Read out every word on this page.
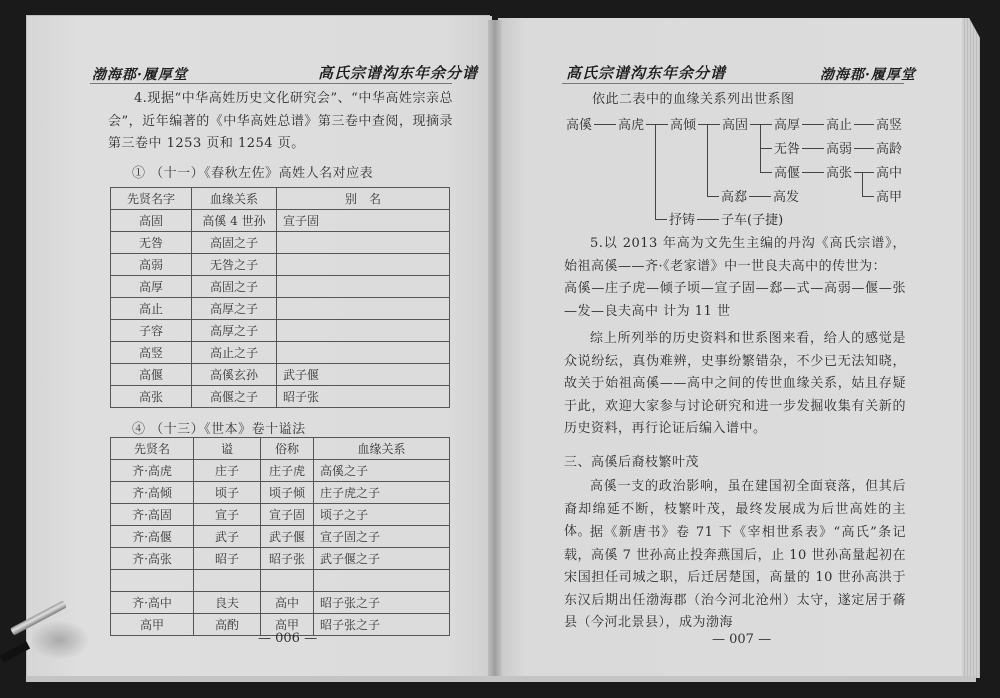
渤海郡·履厚堂	高氏宗谱沟东年余分谱
4.现据“中华高姓历史文化研究会”、“中华高姓宗亲总会”，近年编著的《中华高姓总谱》第三卷中查阅，现摘录第三卷中 1253 页和 1254 页。
① （十一）《春秋左佐》高姓人名对应表
先贤名字	血缘关系	别　名
高固	高傒 4 世孙	宣子固
无咎	高固之子	
高弱	无咎之子	
高厚	高固之子	
高止	高厚之子	
子容	高厚之子	
高竖	高止之子	
高偃	高傒玄孙	武子偃
高张	高偃之子	昭子张
④ （十三）《世本》卷十谥法
先贤名	谥	俗称	血缘关系
齐·高虎	庄子	庄子虎	高傒之子
齐·高倾	顷子	顷子倾	庄子虎之子
齐·高固	宣子	宣子固	顷子之子
齐·高偃	武子	武子偃	宣子固之子
齐·高张	昭子	昭子张	武子偃之子

齐·高中	良夫	高中	昭子张之子
高甲	高酌	高甲	昭子张之子
— 006 —
高氏宗谱沟东年余分谱	渤海郡·履厚堂
依此二表中的血缘关系列出世系图
高傒 高虎 高倾 高固 高厚 高止 高竖
无咎 高弱 高龄
高偃 高张 高中
高甲
高郄 高发
抒铸 子车(子捷)
5.以 2013 年高为文先生主编的丹沟《高氏宗谱》，始祖高傒——齐·《老家谱》中一世良夫高中的传世为：
高傒—庄子虎—倾子顷—宣子固—郄—式—高弱—偃—张—发—良夫高中 计为 11 世
综上所列举的历史资料和世系图来看，给人的感觉是众说纷纭，真伪难辨，史事纷繁错杂，不少已无法知晓，故关于始祖高傒——高中之间的传世血缘关系，姑且存疑于此，欢迎大家参与讨论研究和进一步发掘收集有关新的历史资料，再行论证后编入谱中。
三、高傒后裔枝繁叶茂
高傒一支的政治影响，虽在建国初全面衰落，但其后裔却绵延不断，枝繁叶茂，最终发展成为后世高姓的主体。
据《新唐书》卷 71 下《宰相世系表》“高氏”条记载，高傒 7 世孙高止投奔燕国后，止 10 世孙高量起初在宋国担任司城之职，后迁居楚国，高量的 10 世孙高洪于东汉后期出任渤海郡（治今河北沧州）太守，遂定居于蓨县（今河北景县），成为渤海
— 007 —
